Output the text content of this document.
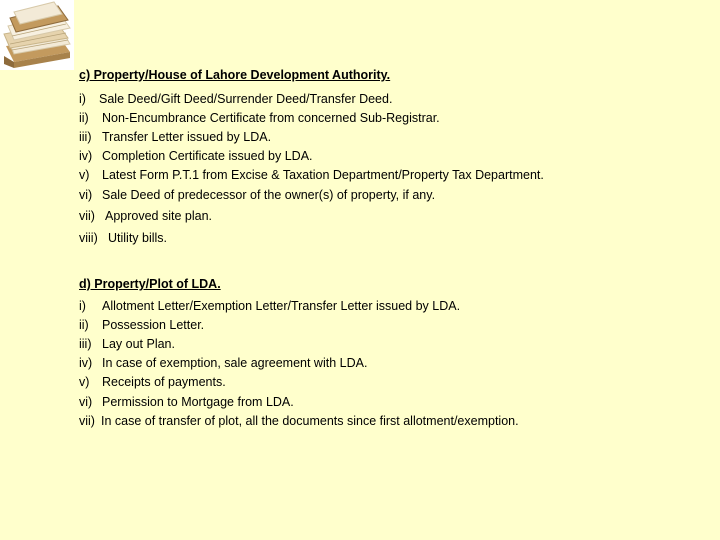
c) Property/House of Lahore Development Authority.
i) Sale Deed/Gift Deed/Surrender Deed/Transfer Deed.
ii) Non-Encumbrance Certificate from concerned Sub-Registrar.
iii) Transfer Letter issued by LDA.
iv) Completion Certificate issued by LDA.
v) Latest Form P.T.1 from Excise & Taxation Department/Property Tax Department.
vi) Sale Deed of predecessor of the owner(s) of property, if any.
vii) Approved site plan.
viii) Utility bills.
d) Property/Plot of LDA.
i) Allotment Letter/Exemption Letter/Transfer Letter issued by LDA.
ii) Possession Letter.
iii) Lay out Plan.
iv) In case of exemption, sale agreement with LDA.
v) Receipts of payments.
vi) Permission to Mortgage from LDA.
vii) In case of transfer of plot, all the documents since first allotment/exemption.
